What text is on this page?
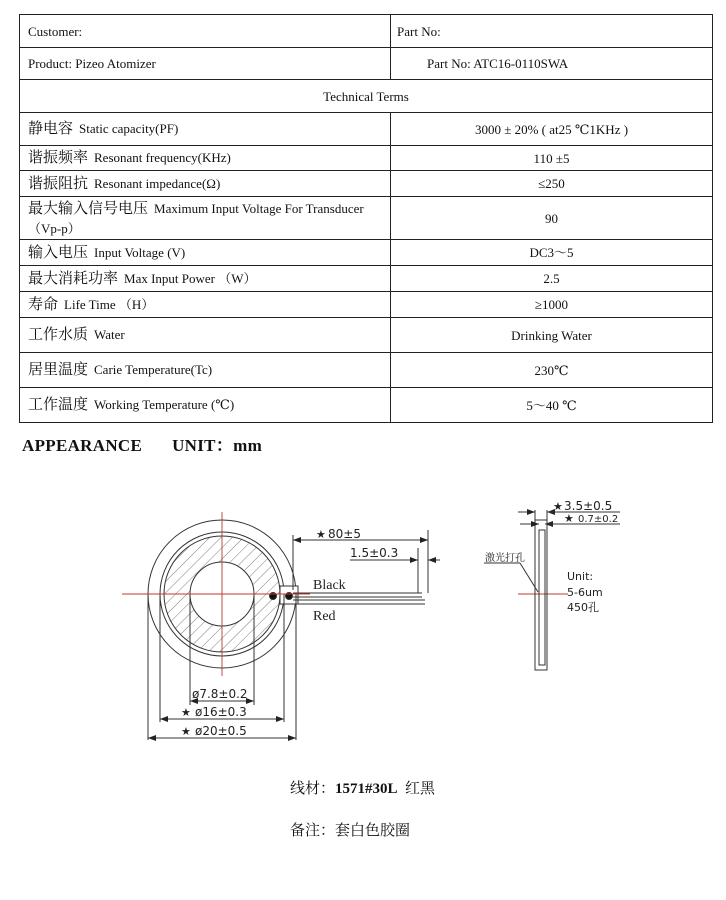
Customer:	Part No:
Product: Pizeo Atomizer	Part No: ATC16-0110SWA
Technical Terms	
静电容 Static capacity(PF)	3000 ± 20% ( at25 ℃1KHz )
谐振频率 Resonant frequency(KHz)	110 ±5
谐振阻抗 Resonant impedance(Ω)	≤250
最大输入信号电压 Maximum Input Voltage For Transducer（Vp-p）	90
输入电压 Input Voltage (V)	DC3～5
最大消耗功率 Max Input Power （W）	2.5
寿命 Life Time （H）	≥1000
工作水质 Water	Drinking Water
居里温度 Carie Temperature(Tc)	230℃
工作温度 Working Temperature (℃)	5～40 ℃
APPEARANCE UNIT：mm
80±5
1.5±0.3
Black
Red
ø7.8±0.2
ø16±0.3
ø20±0.5
★
★
★
3.5±0.5
0.7±0.2
★
★
激光打孔
Unit:
5-6um
450孔
线材：1571#30L 红黑
备注：套白色胶圈
